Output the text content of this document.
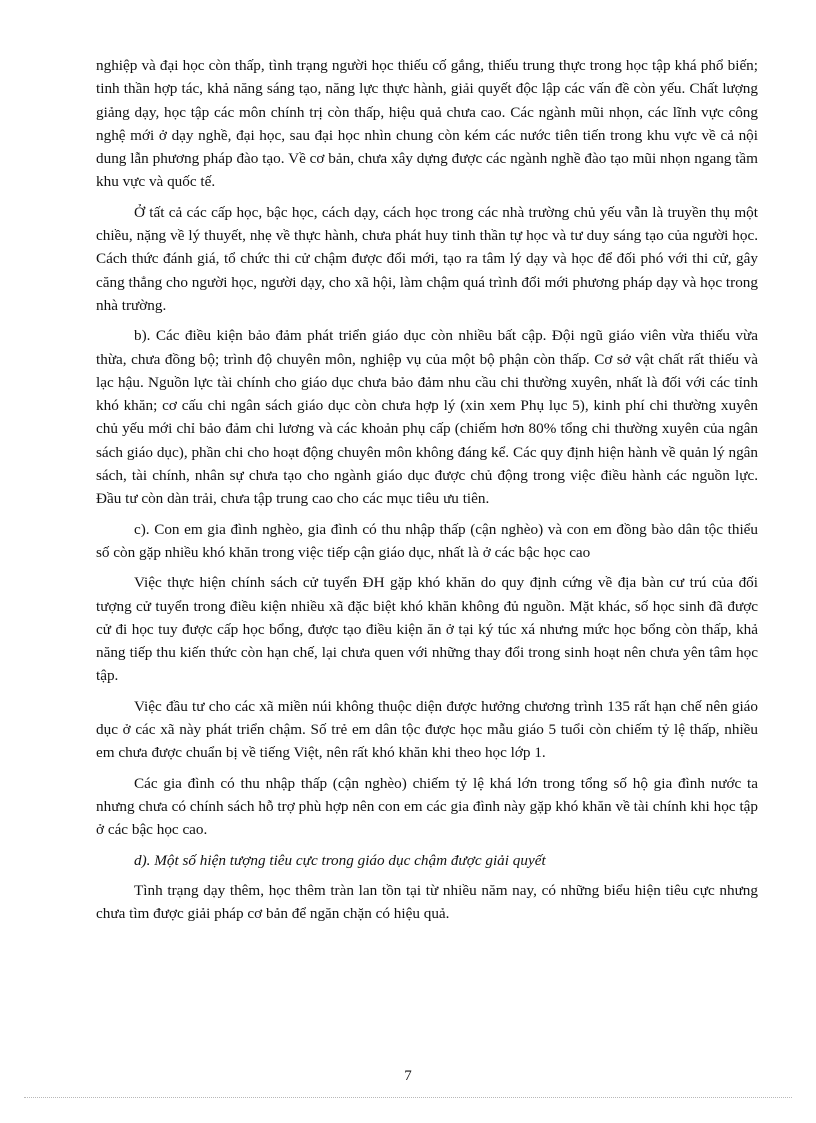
nghiệp và đại học còn thấp, tình trạng người học thiếu cố gắng, thiếu trung thực trong học tập khá phổ biến; tinh thần hợp tác, khả năng sáng tạo, năng lực thực hành, giải quyết độc lập các vấn đề còn yếu. Chất lượng giảng dạy, học tập các môn chính trị còn thấp, hiệu quả chưa cao. Các ngành mũi nhọn, các lĩnh vực công nghệ mới ở dạy nghề, đại học, sau đại học nhìn chung còn kém các nước tiên tiến trong khu vực về cả nội dung lẫn phương pháp đào tạo. Về cơ bản, chưa xây dựng được các ngành nghề đào tạo mũi nhọn ngang tầm khu vực và quốc tế.

Ở tất cả các cấp học, bậc học, cách dạy, cách học trong các nhà trường chủ yếu vẫn là truyền thụ một chiều, nặng về lý thuyết, nhẹ về thực hành, chưa phát huy tinh thần tự học và tư duy sáng tạo của người học. Cách thức đánh giá, tổ chức thi cử chậm được đổi mới, tạo ra tâm lý dạy và học để đối phó với thi cử, gây căng thẳng cho người học, người dạy, cho xã hội, làm chậm quá trình đổi mới phương pháp dạy và học trong nhà trường.

b). Các điều kiện bảo đảm phát triển giáo dục còn nhiều bất cập. Đội ngũ giáo viên vừa thiếu vừa thừa, chưa đồng bộ; trình độ chuyên môn, nghiệp vụ của một bộ phận còn thấp. Cơ sở vật chất rất thiếu và lạc hậu. Nguồn lực tài chính cho giáo dục chưa bảo đảm nhu cầu chi thường xuyên, nhất là đối với các tỉnh khó khăn; cơ cấu chi ngân sách giáo dục còn chưa hợp lý (xin xem Phụ lục 5), kinh phí chi thường xuyên chủ yếu mới chỉ bảo đảm chi lương và các khoản phụ cấp (chiếm hơn 80% tổng chi thường xuyên của ngân sách giáo dục), phần chi cho hoạt động chuyên môn không đáng kể. Các quy định hiện hành về quản lý ngân sách, tài chính, nhân sự chưa tạo cho ngành giáo dục được chủ động trong việc điều hành các nguồn lực. Đầu tư còn dàn trải, chưa tập trung cao cho các mục tiêu ưu tiên.

c). Con em gia đình nghèo, gia đình có thu nhập thấp (cận nghèo) và con em đồng bào dân tộc thiểu số còn gặp nhiều khó khăn trong việc tiếp cận giáo dục, nhất là ở các bậc học cao

Việc thực hiện chính sách cử tuyển ĐH gặp khó khăn do quy định cứng về địa bàn cư trú của đối tượng cử tuyển trong điều kiện nhiều xã đặc biệt khó khăn không đủ nguồn. Mặt khác, số học sinh đã được cử đi học tuy được cấp học bổng, được tạo điều kiện ăn ở tại ký túc xá nhưng mức học bổng còn thấp, khả năng tiếp thu kiến thức còn hạn chế, lại chưa quen với những thay đổi trong sinh hoạt nên chưa yên tâm học tập.

Việc đầu tư cho các xã miền núi không thuộc diện được hưởng chương trình 135 rất hạn chế nên giáo dục ở các xã này phát triển chậm. Số trẻ em dân tộc được học mẫu giáo 5 tuổi còn chiếm tỷ lệ thấp, nhiều em chưa được chuẩn bị về tiếng Việt, nên rất khó khăn khi theo học lớp 1.

Các gia đình có thu nhập thấp (cận nghèo) chiếm tỷ lệ khá lớn trong tổng số hộ gia đình nước ta nhưng chưa có chính sách hỗ trợ phù hợp nên con em các gia đình này gặp khó khăn về tài chính khi học tập ở các bậc học cao.

d). Một số hiện tượng tiêu cực trong giáo dục chậm được giải quyết

Tình trạng dạy thêm, học thêm tràn lan tồn tại từ nhiều năm nay, có những biểu hiện tiêu cực nhưng chưa tìm được giải pháp cơ bản để ngăn chặn có hiệu quả.

7
